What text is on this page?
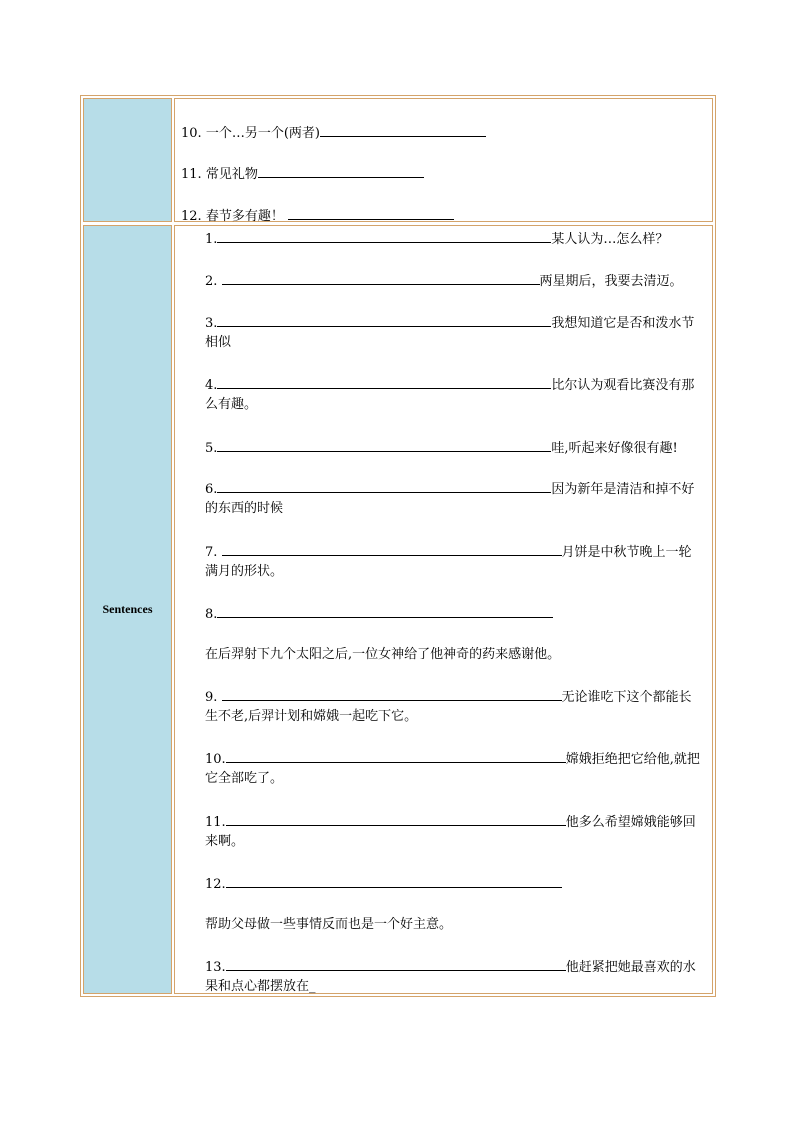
10. 一个…另一个(两者)
11. 常见礼物
12. 春节多有趣！
Sentences
1.	某人认为…怎么样？
2.	两星期后，我要去清迈。
3.	我想知道它是否和泼水节
相似
4.	比尔认为观看比赛没有那
么有趣。
5.	哇,听起来好像很有趣!
6.	因为新年是清洁和掉不好
的东西的时候
7.	月饼是中秋节晚上一轮
满月的形状。
8.
在后羿射下九个太阳之后,一位女神给了他神奇的药来感谢他。
9.	无论谁吃下这个都能长
生不老,后羿计划和嫦娥一起吃下它。
10.	嫦娥拒绝把它给他,就把
它全部吃了。
11.	他多么希望嫦娥能够回
来啊。
12.
帮助父母做一些事情反而也是一个好主意。
13.	他赶紧把她最喜欢的水
果和点心都摆放在_
